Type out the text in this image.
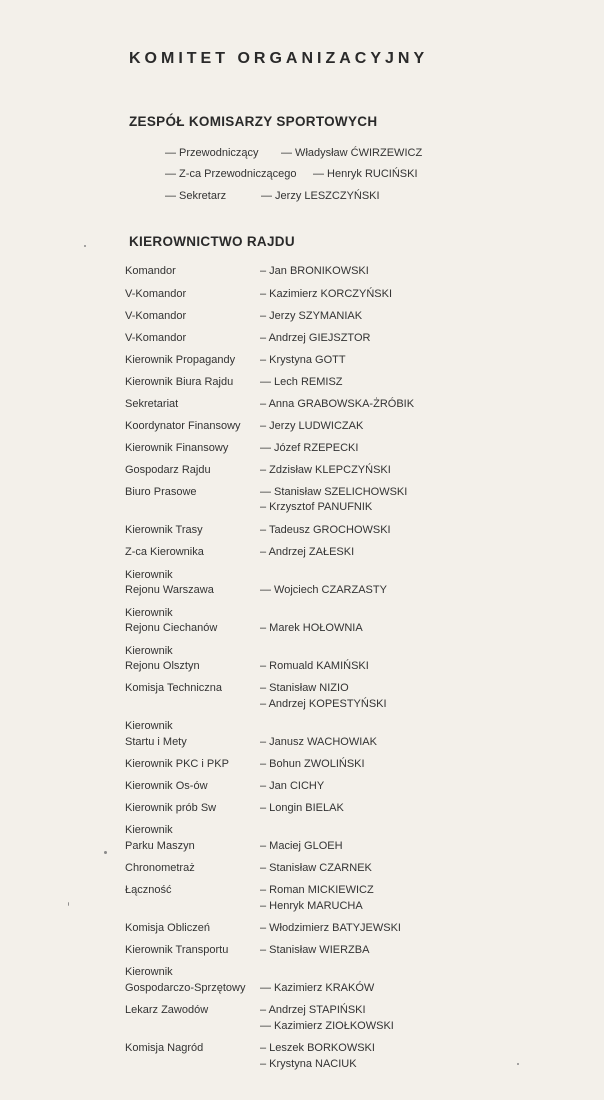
KOMITET ORGANIZACYJNY
ZESPÓŁ KOMISARZY SPORTOWYCH
— Przewodniczący — Władysław ĆWIRZEWICZ
— Z-ca Przewodniczącego — Henryk RUCIŃSKI
— Sekretarz	— Jerzy LESZCZYŃSKI
KIEROWNICTWO RAJDU
Komandor
V-Komandor
V-Komandor
V-Komandor
Kierownik Propagandy
Kierownik Biura Rajdu
Sekretariat
Koordynator Finansowy
Kierownik Finansowy
Gospodarz Rajdu
Biuro Prasowe
Kierownik Trasy
Z-ca Kierownika
Kierownik
Rejonu Warszawa
Kierownik
Rejonu Ciechanów
Kierownik
Rejonu Olsztyn
Komisja Techniczna
Kierownik
Startu i Mety
Kierownik PKC i PKP
Kierownik Os-ów
Kierownik prób Sw
Kierownik
Parku Maszyn
Chronometraż
Łączność
Komisja Obliczeń
Kierownik Transportu
Kierownik
Gospodarczo-Sprzętowy
Lekarz Zawodów
Komisja Nagród
– Jan BRONIKOWSKI
– Kazimierz KORCZYŃSKI
– Jerzy SZYMANIAK
– Andrzej GIEJSZTOR
– Krystyna GOTT
— Lech REMISZ
– Anna GRABOWSKA-ŻRÓBIK
– Jerzy LUDWICZAK
— Józef RZEPECKI
– Zdzisław KLEPCZYŃSKI
— Stanisław SZELICHOWSKI
– Krzysztof PANUFNIK
– Tadeusz GROCHOWSKI
– Andrzej ZAŁESKI
— Wojciech CZARZASTY
– Marek HOŁOWNIA
– Romuald KAMIŃSKI
– Stanisław NIZIO
– Andrzej KOPESTYŃSKI
– Janusz WACHOWIAK
– Bohun ZWOLIŃSKI
– Jan CICHY
– Longin BIELAK
– Maciej GLOEH
– Stanisław CZARNEK
– Roman MICKIEWICZ
– Henryk MARUCHA
– Włodzimierz BATYJEWSKI
– Stanisław WIERZBA
— Kazimierz KRAKÓW
– Andrzej STAPIŃSKI
— Kazimierz ZIOŁKOWSKI
– Leszek BORKOWSKI
– Krystyna NACIUK
